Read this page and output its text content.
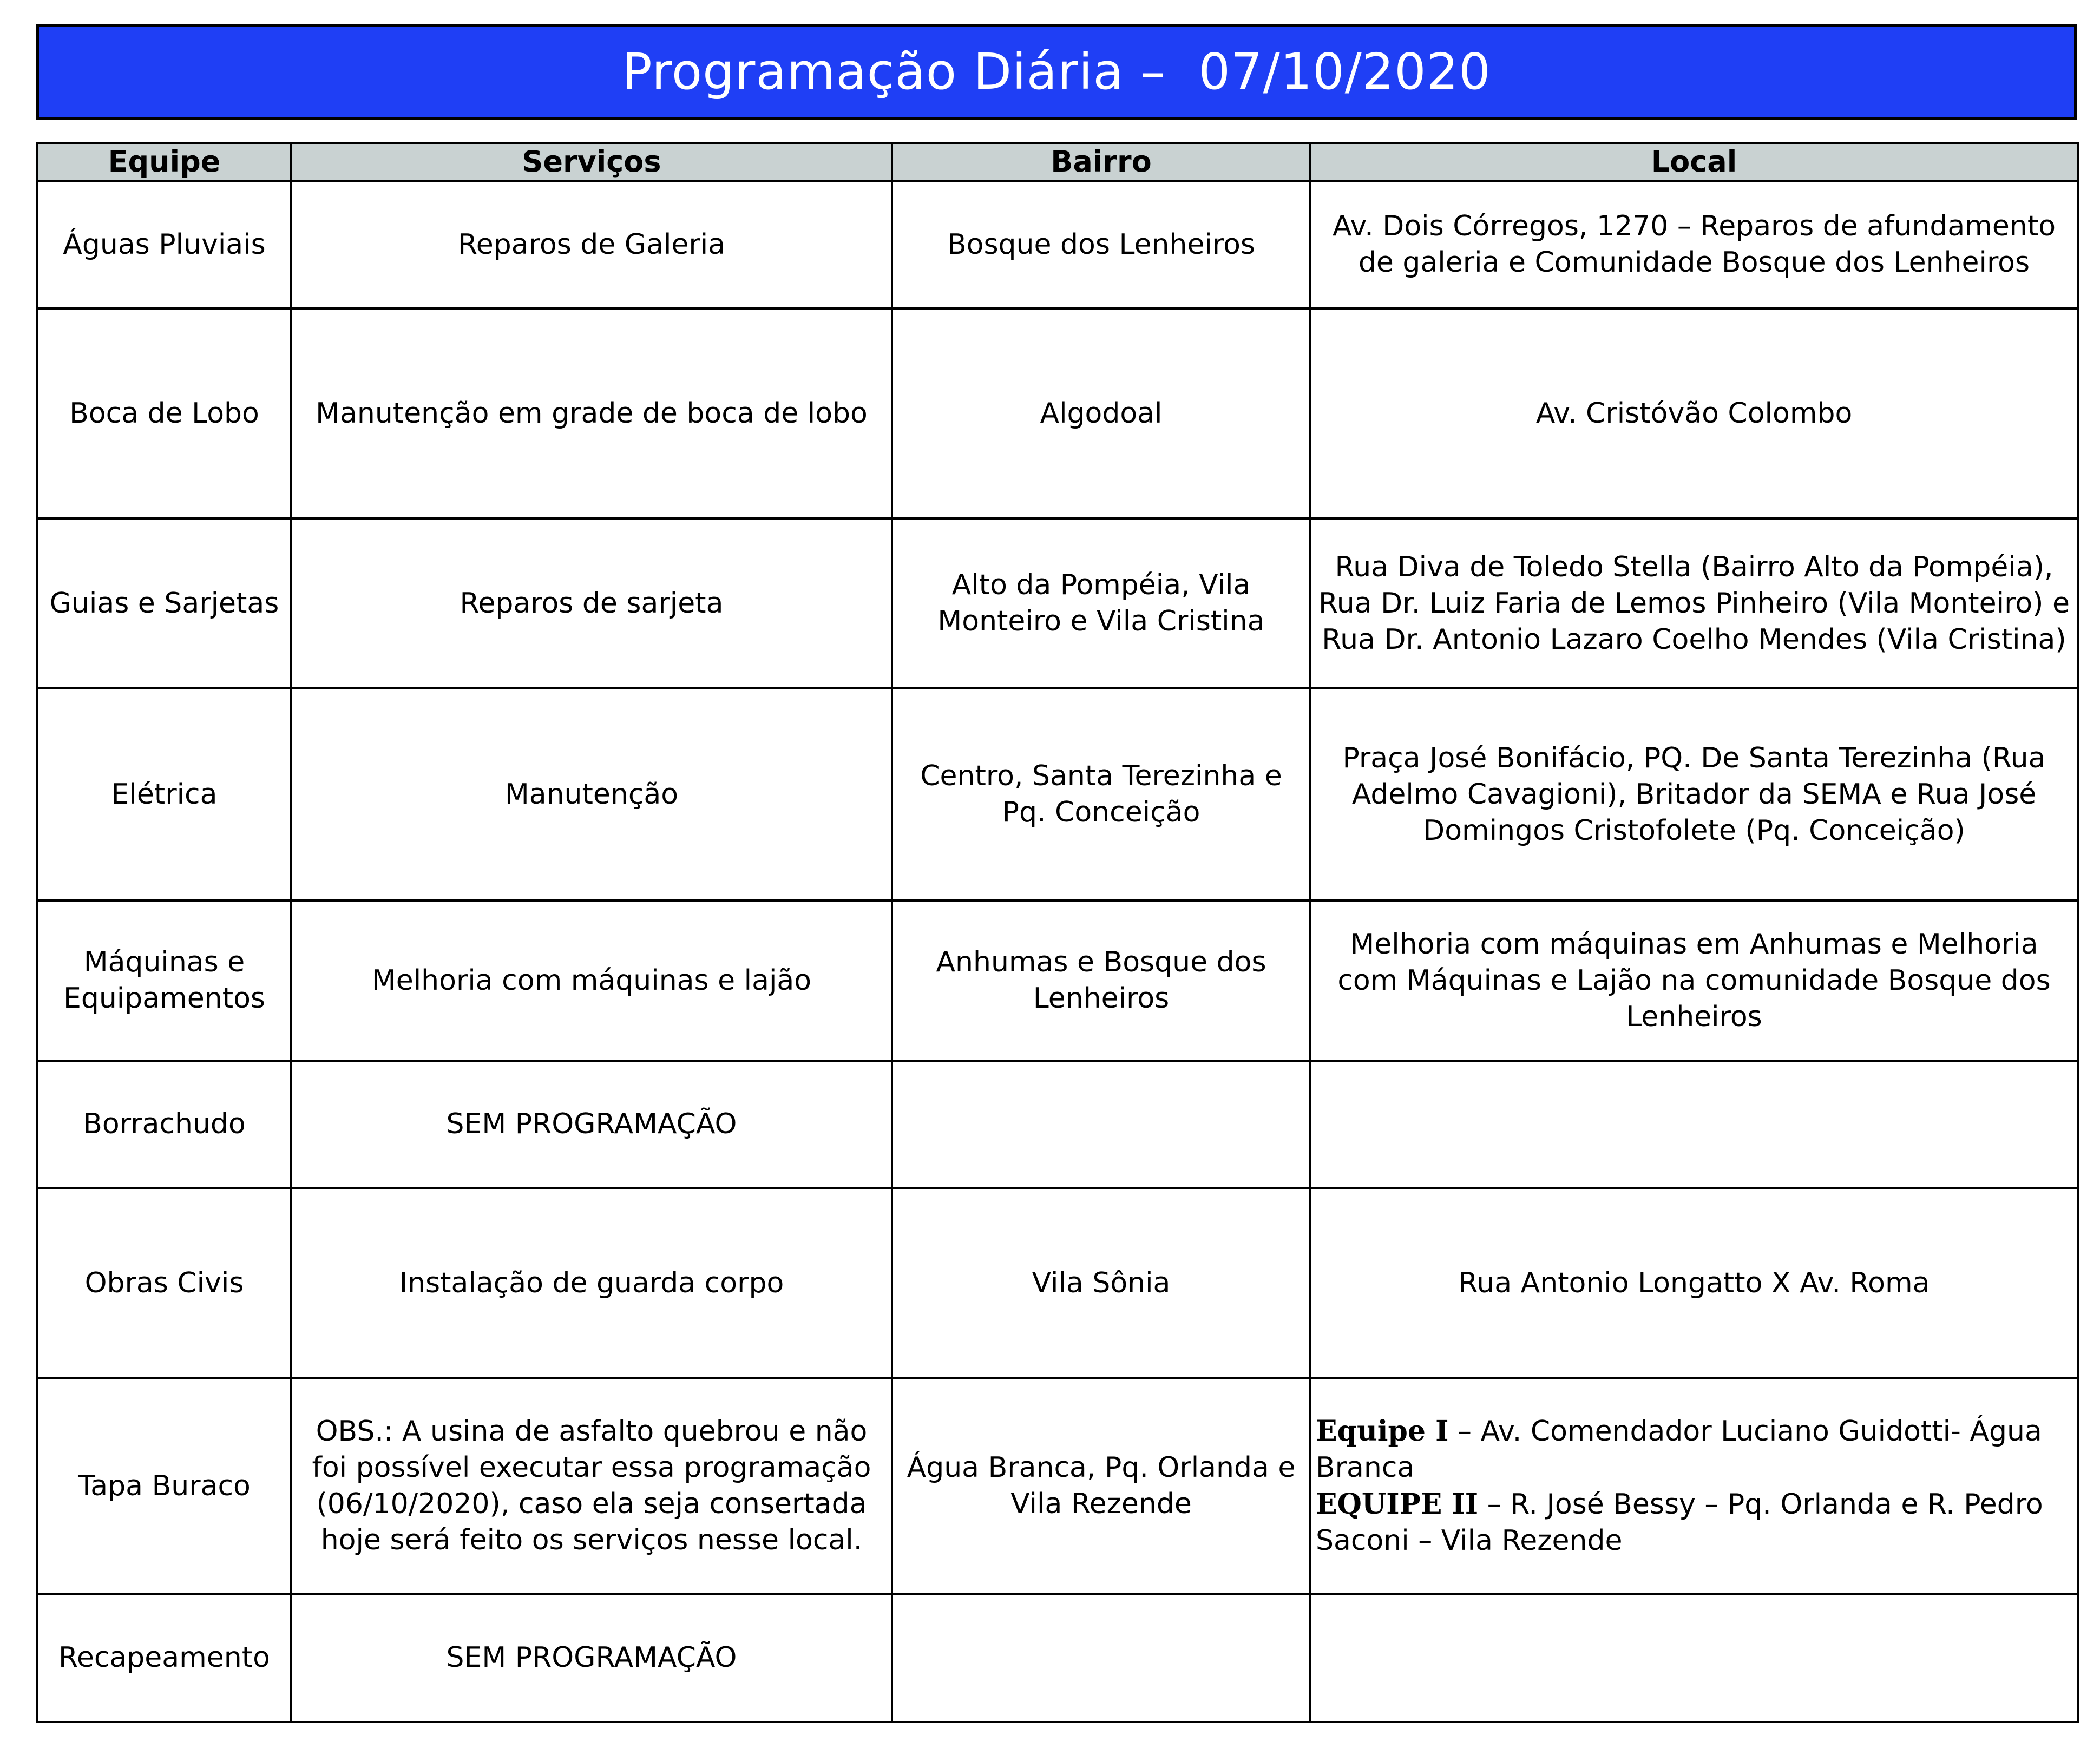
Programação Diária –  07/10/2020
Equipe	Serviços	Bairro	Local
Águas Pluviais	Reparos de Galeria	Bosque dos Lenheiros	Av. Dois Córregos, 1270 – Reparos de afundamento de galeria e Comunidade Bosque dos Lenheiros
Boca de Lobo	Manutenção em grade de boca de lobo	Algodoal	Av. Cristóvão Colombo
Guias e Sarjetas	Reparos de sarjeta	Alto da Pompéia, Vila Monteiro e Vila Cristina	Rua Diva de Toledo Stella (Bairro Alto da Pompéia), Rua Dr. Luiz Faria de Lemos Pinheiro (Vila Monteiro) e Rua Dr. Antonio Lazaro Coelho Mendes (Vila Cristina)
Elétrica	Manutenção	Centro, Santa Terezinha e Pq. Conceição	Praça José Bonifácio, PQ. De Santa Terezinha (Rua Adelmo Cavagioni), Britador da SEMA e Rua José Domingos Cristofolete (Pq. Conceição)
Máquinas e Equipamentos	Melhoria com máquinas e lajão	Anhumas e Bosque dos Lenheiros	Melhoria com máquinas em Anhumas e Melhoria com Máquinas e Lajão na comunidade Bosque dos Lenheiros
Borrachudo	SEM PROGRAMAÇÃO		
Obras Civis	Instalação de guarda corpo	Vila Sônia	Rua Antonio Longatto X Av. Roma
Tapa Buraco	OBS.: A usina de asfalto quebrou e não foi possível executar essa programação (06/10/2020), caso ela seja consertada hoje será feito os serviços nesse local.	Água Branca, Pq. Orlanda e Vila Rezende	Equipe I – Av. Comendador Luciano Guidotti- Água Branca
EQUIPE II – R. José Bessy – Pq. Orlanda e R. Pedro Saconi – Vila Rezende

Recapeamento	SEM PROGRAMAÇÃO		
